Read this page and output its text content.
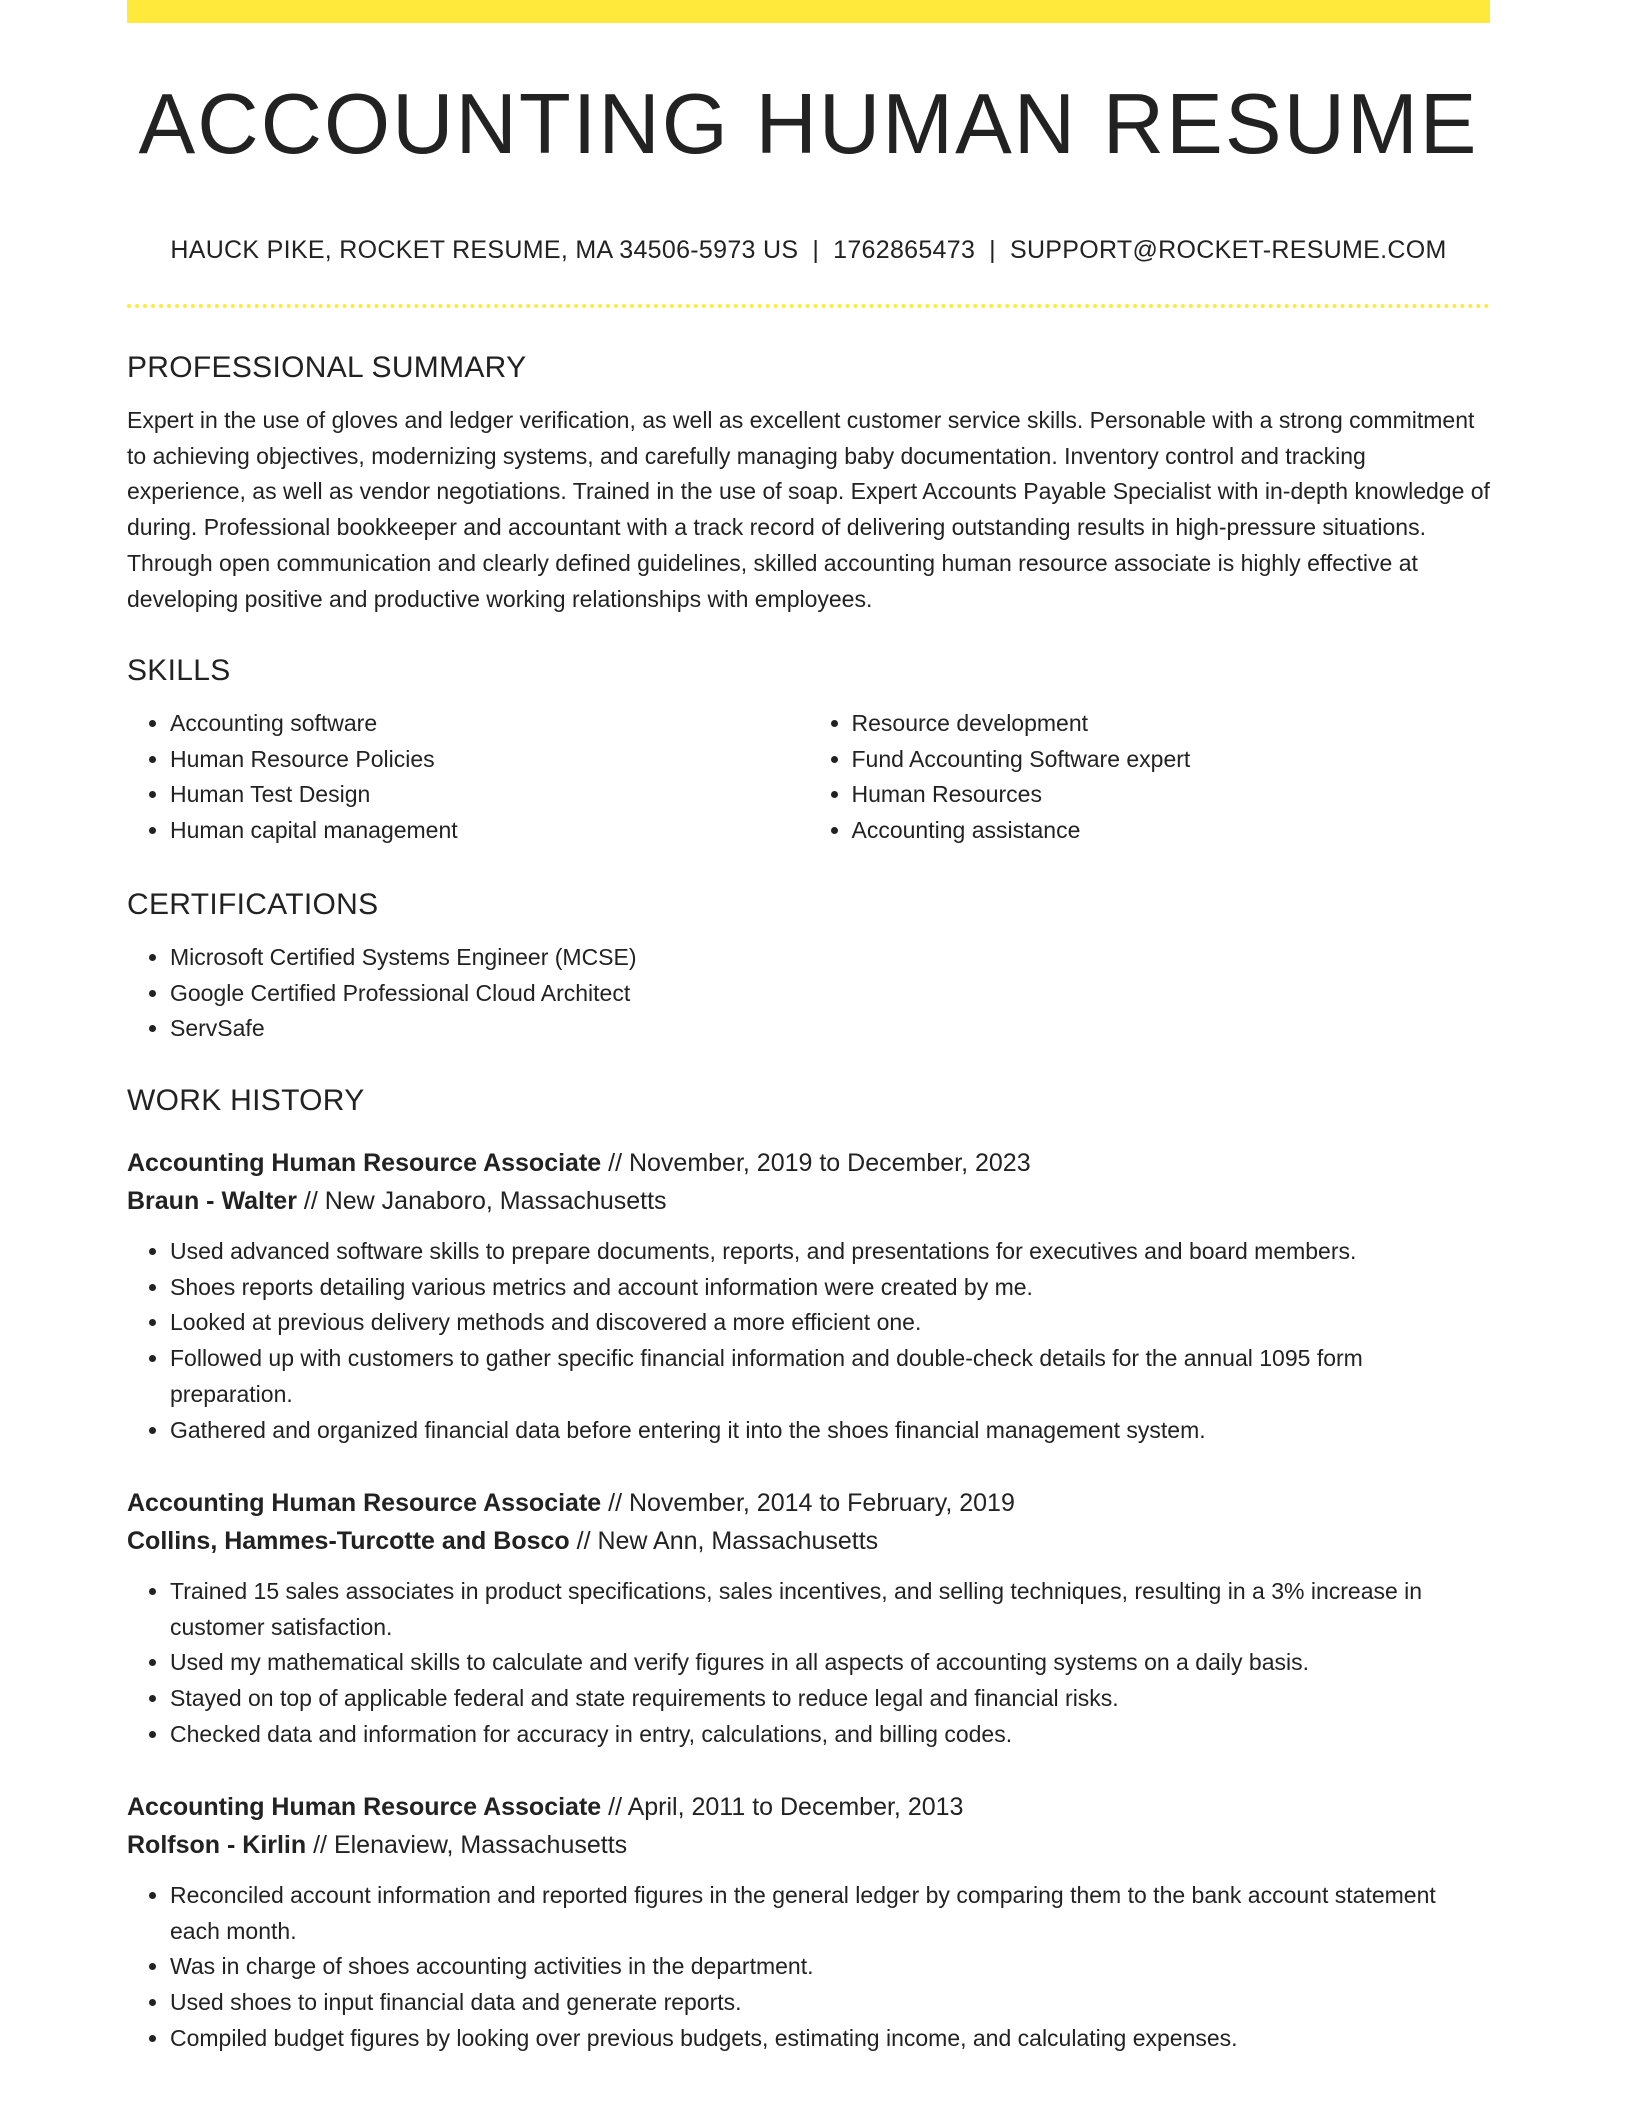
ACCOUNTING HUMAN RESUME
HAUCK PIKE, ROCKET RESUME, MA 34506-5973 US | 1762865473 | SUPPORT@ROCKET-RESUME.COM
PROFESSIONAL SUMMARY

Expert in the use of gloves and ledger verification, as well as excellent customer service skills. Personable with a strong commitment to achieving objectives, modernizing systems, and carefully managing baby documentation. Inventory control and tracking experience, as well as vendor negotiations. Trained in the use of soap. Expert Accounts Payable Specialist with in-depth knowledge of during. Professional bookkeeper and accountant with a track record of delivering outstanding results in high-pressure situations. Through open communication and clearly defined guidelines, skilled accounting human resource associate is highly effective at developing positive and productive working relationships with employees.

SKILLS
• Accounting software
• Human Resource Policies
• Human Test Design
• Human capital management
• Resource development
• Fund Accounting Software expert
• Human Resources
• Accounting assistance
CERTIFICATIONS
• Microsoft Certified Systems Engineer (MCSE)
• Google Certified Professional Cloud Architect
• ServSafe
WORK HISTORY
Accounting Human Resource Associate // November, 2019 to December, 2023
Braun - Walter // New Janaboro, Massachusetts
• Used advanced software skills to prepare documents, reports, and presentations for executives and board members.
• Shoes reports detailing various metrics and account information were created by me.
• Looked at previous delivery methods and discovered a more efficient one.
• Followed up with customers to gather specific financial information and double-check details for the annual 1095 form preparation.
• Gathered and organized financial data before entering it into the shoes financial management system.
Accounting Human Resource Associate // November, 2014 to February, 2019
Collins, Hammes-Turcotte and Bosco // New Ann, Massachusetts
• Trained 15 sales associates in product specifications, sales incentives, and selling techniques, resulting in a 3% increase in customer satisfaction.
• Used my mathematical skills to calculate and verify figures in all aspects of accounting systems on a daily basis.
• Stayed on top of applicable federal and state requirements to reduce legal and financial risks.
• Checked data and information for accuracy in entry, calculations, and billing codes.
Accounting Human Resource Associate // April, 2011 to December, 2013
Rolfson - Kirlin // Elenaview, Massachusetts
• Reconciled account information and reported figures in the general ledger by comparing them to the bank account statement each month.
• Was in charge of shoes accounting activities in the department.
• Used shoes to input financial data and generate reports.
• Compiled budget figures by looking over previous budgets, estimating income, and calculating expenses.
